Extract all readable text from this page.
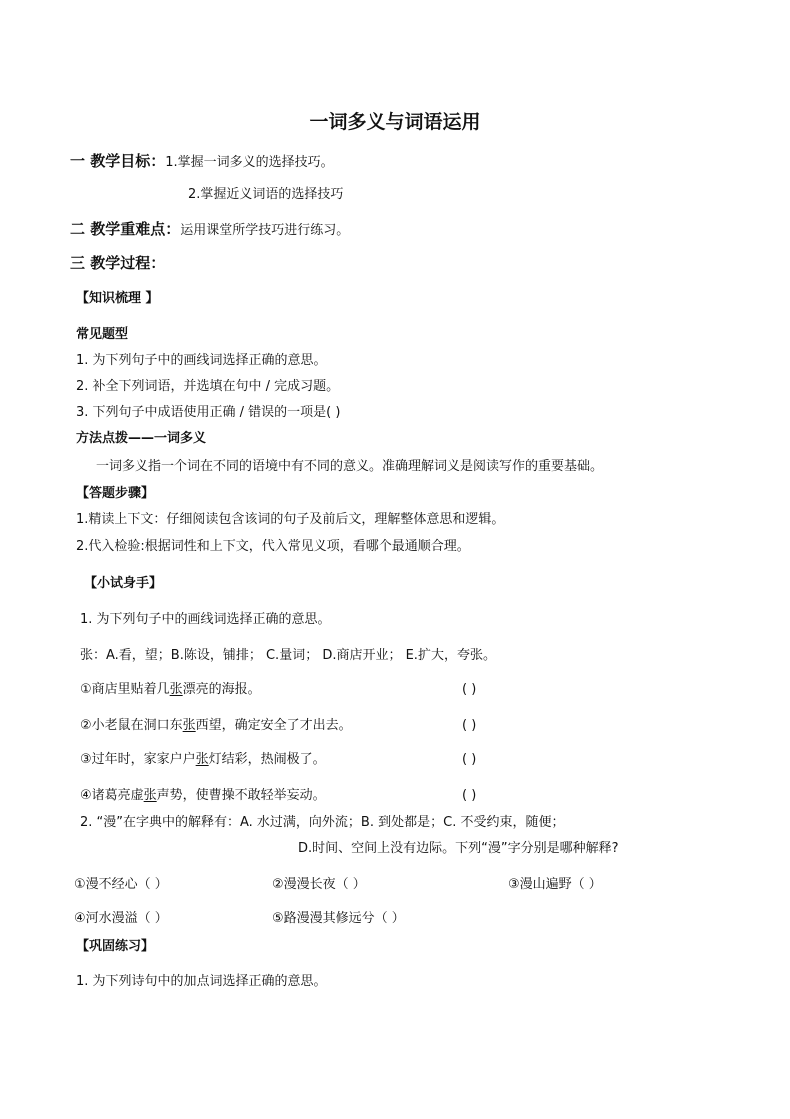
一词多义与词语运用
一 教学目标：1.掌握一词多义的选择技巧。
2.掌握近义词语的选择技巧
二 教学重难点：运用课堂所学技巧进行练习。
三 教学过程：
【知识梳理 】
常见题型
1. 为下列句子中的画线词选择正确的意思。
2. 补全下列词语，并选填在句中 / 完成习题。
3. 下列句子中成语使用正确 / 错误的一项是( )
方法点拨——一词多义
一词多义指一个词在不同的语境中有不同的意义。准确理解词义是阅读写作的重要基础。
【答题步骤】
1.精读上下文：仔细阅读包含该词的句子及前后文，理解整体意思和逻辑。
2.代入检验:根据词性和上下文，代入常见义项，看哪个最通顺合理。
【小试身手】
1. 为下列句子中的画线词选择正确的意思。
张：A.看，望；B.陈设，铺排； C.量词； D.商店开业； E.扩大，夸张。
①商店里贴着几张漂亮的海报。	( )
②小老鼠在洞口东张西望，确定安全了才出去。	( )
③过年时，家家户户张灯结彩，热闹极了。	( )
④诸葛亮虚张声势，使曹操不敢轻举妄动。	( )
2. “漫”在字典中的解释有：A. 水过满，向外流；B. 到处都是；C. 不受约束，随便；
D.时间、空间上没有边际。下列“漫”字分别是哪种解释?
①漫不经心（ ）	②漫漫长夜（ ）	③漫山遍野（ ）
④河水漫溢（ ）	⑤路漫漫其修远兮（ ）
【巩固练习】
1. 为下列诗句中的加点词选择正确的意思。
